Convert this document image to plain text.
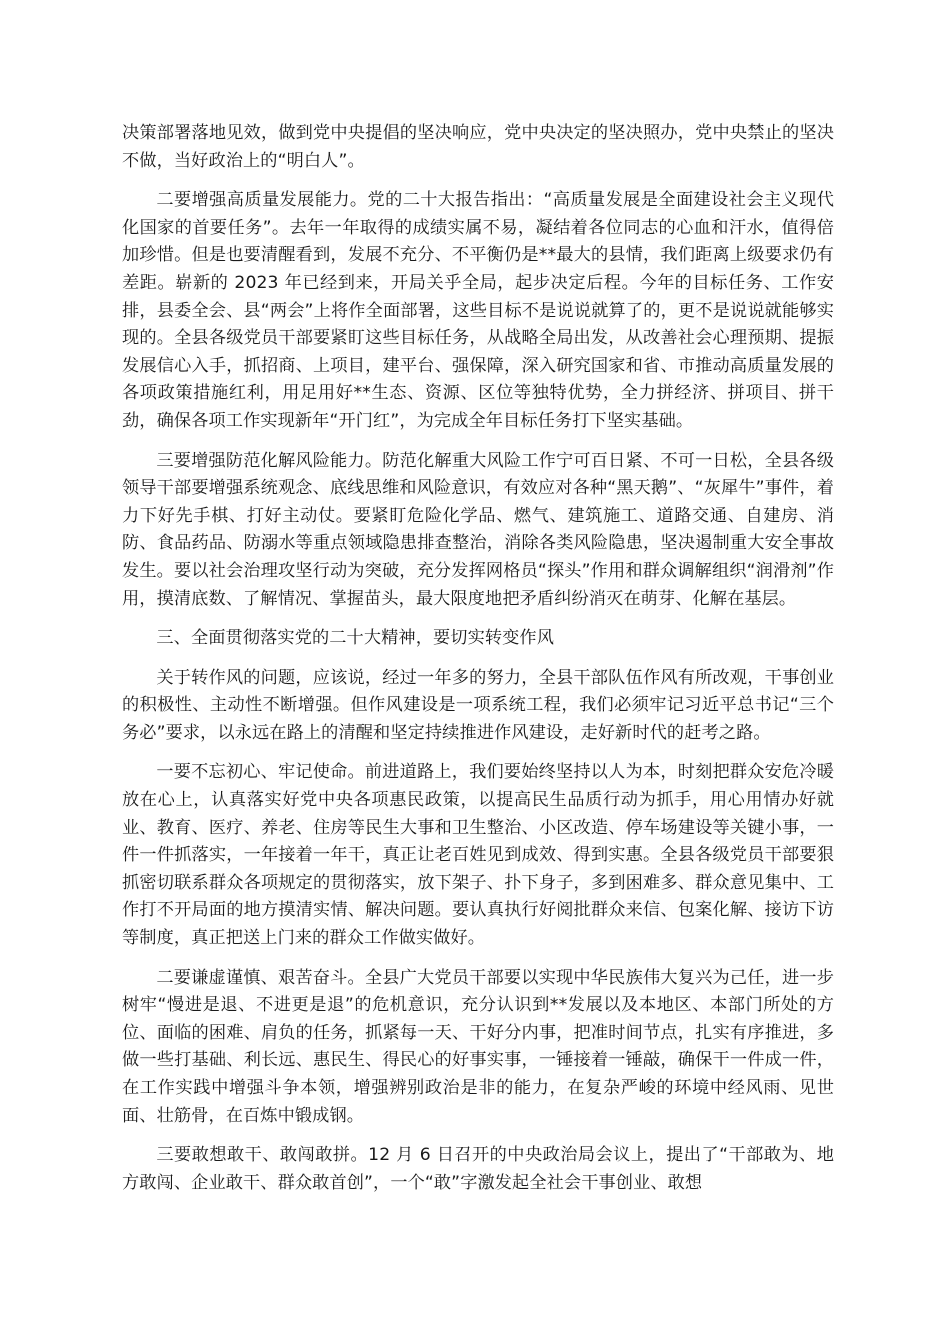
决策部署落地见效，做到党中央提倡的坚决响应，党中央决定的坚决照办，党中央禁止的坚决不做，当好政治上的“明白人”。

二要增强高质量发展能力。党的二十大报告指出：“高质量发展是全面建设社会主义现代化国家的首要任务”。去年一年取得的成绩实属不易，凝结着各位同志的心血和汗水，值得倍加珍惜。但是也要清醒看到，发展不充分、不平衡仍是**最大的县情，我们距离上级要求仍有差距。崭新的 2023 年已经到来，开局关乎全局，起步决定后程。今年的目标任务、工作安排，县委全会、县“两会”上将作全面部署，这些目标不是说说就算了的，更不是说说就能够实现的。全县各级党员干部要紧盯这些目标任务，从战略全局出发，从改善社会心理预期、提振发展信心入手，抓招商、上项目，建平台、强保障，深入研究国家和省、市推动高质量发展的各项政策措施红利，用足用好**生态、资源、区位等独特优势，全力拼经济、拼项目、拼干劲，确保各项工作实现新年“开门红”，为完成全年目标任务打下坚实基础。

三要增强防范化解风险能力。防范化解重大风险工作宁可百日紧、不可一日松，全县各级领导干部要增强系统观念、底线思维和风险意识，有效应对各种“黑天鹅”、“灰犀牛”事件，着力下好先手棋、打好主动仗。要紧盯危险化学品、燃气、建筑施工、道路交通、自建房、消防、食品药品、防溺水等重点领域隐患排查整治，消除各类风险隐患，坚决遏制重大安全事故发生。要以社会治理攻坚行动为突破，充分发挥网格员“探头”作用和群众调解组织“润滑剂”作用，摸清底数、了解情况、掌握苗头，最大限度地把矛盾纠纷消灭在萌芽、化解在基层。

三、全面贯彻落实党的二十大精神，要切实转变作风

关于转作风的问题，应该说，经过一年多的努力，全县干部队伍作风有所改观，干事创业的积极性、主动性不断增强。但作风建设是一项系统工程，我们必须牢记习近平总书记“三个务必”要求，以永远在路上的清醒和坚定持续推进作风建设，走好新时代的赶考之路。

一要不忘初心、牢记使命。前进道路上，我们要始终坚持以人为本，时刻把群众安危冷暖放在心上，认真落实好党中央各项惠民政策，以提高民生品质行动为抓手，用心用情办好就业、教育、医疗、养老、住房等民生大事和卫生整治、小区改造、停车场建设等关键小事，一件一件抓落实，一年接着一年干，真正让老百姓见到成效、得到实惠。全县各级党员干部要狠抓密切联系群众各项规定的贯彻落实，放下架子、扑下身子，多到困难多、群众意见集中、工作打不开局面的地方摸清实情、解决问题。要认真执行好阅批群众来信、包案化解、接访下访等制度，真正把送上门来的群众工作做实做好。

二要谦虚谨慎、艰苦奋斗。全县广大党员干部要以实现中华民族伟大复兴为己任，进一步树牢“慢进是退、不进更是退”的危机意识，充分认识到**发展以及本地区、本部门所处的方位、面临的困难、肩负的任务，抓紧每一天、干好分内事，把准时间节点，扎实有序推进，多做一些打基础、利长远、惠民生、得民心的好事实事，一锤接着一锤敲，确保干一件成一件，在工作实践中增强斗争本领，增强辨别政治是非的能力，在复杂严峻的环境中经风雨、见世面、壮筋骨，在百炼中锻成钢。

三要敢想敢干、敢闯敢拼。12 月 6 日召开的中央政治局会议上，提出了“干部敢为、地方敢闯、企业敢干、群众敢首创”，一个“敢”字激发起全社会干事创业、敢想
